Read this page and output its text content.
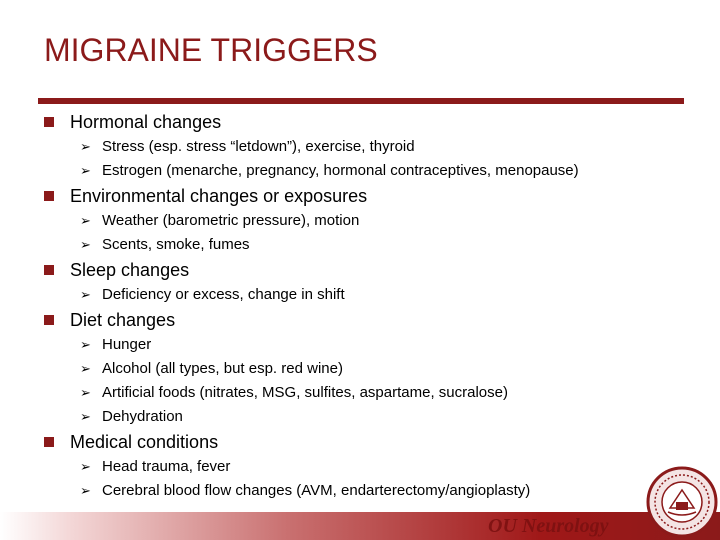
MIGRAINE TRIGGERS
Hormonal changes
➢ Stress (esp. stress “letdown”), exercise, thyroid
➢ Estrogen (menarche, pregnancy, hormonal contraceptives, menopause)
Environmental changes or exposures
➢ Weather (barometric pressure), motion
➢ Scents, smoke, fumes
Sleep changes
➢ Deficiency or excess, change in shift
Diet changes
➢ Hunger
➢ Alcohol (all types, but esp. red wine)
➢ Artificial foods (nitrates, MSG, sulfites, aspartame, sucralose)
➢ Dehydration
Medical conditions
➢ Head trauma, fever
➢ Cerebral blood flow changes (AVM, endarterectomy/angioplasty)
OU Neurology
